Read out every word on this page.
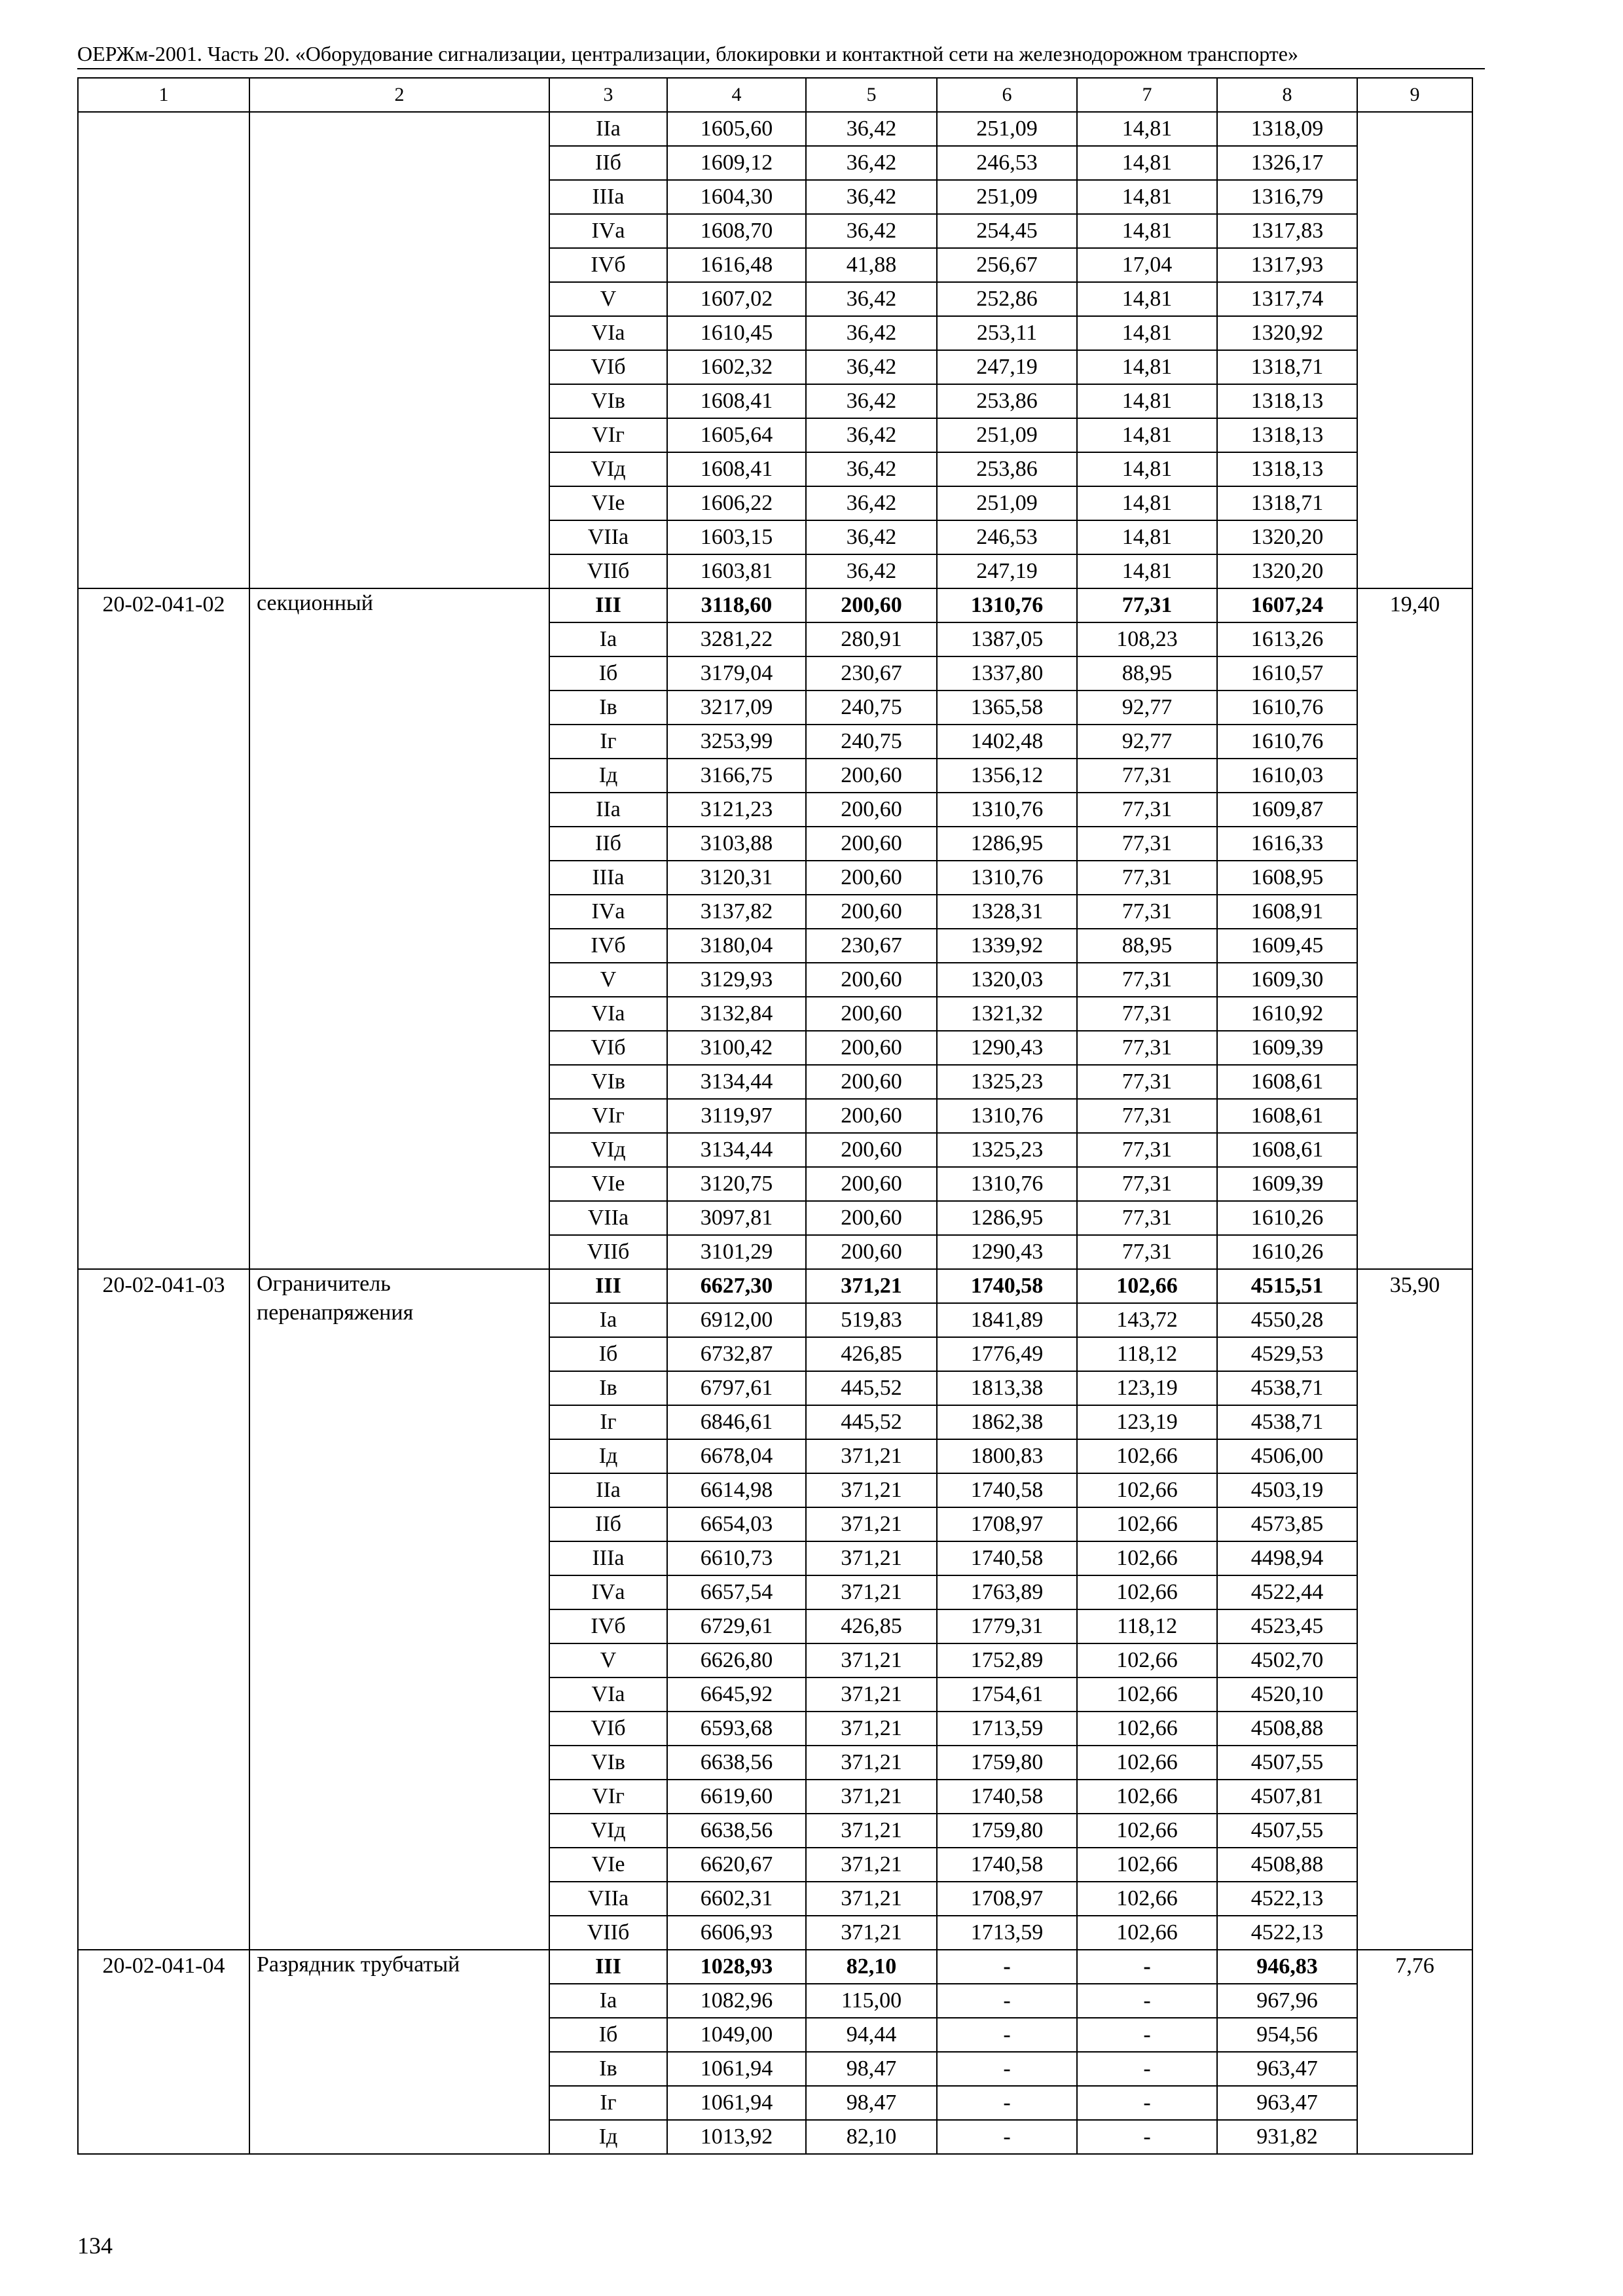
ОЕРЖм-2001. Часть 20. «Оборудование сигнализации, централизации, блокировки и контактной сети на железнодорожном транспорте»
1	2	3	4	5	6	7	8	9
		IIа	1605,60	36,42	251,09	14,81	1318,09	
		IIб	1609,12	36,42	246,53	14,81	1326,17	
		IIIа	1604,30	36,42	251,09	14,81	1316,79	
		IVа	1608,70	36,42	254,45	14,81	1317,83	
		IVб	1616,48	41,88	256,67	17,04	1317,93	
		V	1607,02	36,42	252,86	14,81	1317,74	
		VIа	1610,45	36,42	253,11	14,81	1320,92	
		VIб	1602,32	36,42	247,19	14,81	1318,71	
		VIв	1608,41	36,42	253,86	14,81	1318,13	
		VIг	1605,64	36,42	251,09	14,81	1318,13	
		VIд	1608,41	36,42	253,86	14,81	1318,13	
		VIе	1606,22	36,42	251,09	14,81	1318,71	
		VIIа	1603,15	36,42	246,53	14,81	1320,20	
		VIIб	1603,81	36,42	247,19	14,81	1320,20	
20-02-041-02	секционный	III	3118,60	200,60	1310,76	77,31	1607,24	19,40
		Iа	3281,22	280,91	1387,05	108,23	1613,26	
		Iб	3179,04	230,67	1337,80	88,95	1610,57	
		Iв	3217,09	240,75	1365,58	92,77	1610,76	
		Iг	3253,99	240,75	1402,48	92,77	1610,76	
		Iд	3166,75	200,60	1356,12	77,31	1610,03	
		IIа	3121,23	200,60	1310,76	77,31	1609,87	
		IIб	3103,88	200,60	1286,95	77,31	1616,33	
		IIIа	3120,31	200,60	1310,76	77,31	1608,95	
		IVа	3137,82	200,60	1328,31	77,31	1608,91	
		IVб	3180,04	230,67	1339,92	88,95	1609,45	
		V	3129,93	200,60	1320,03	77,31	1609,30	
		VIа	3132,84	200,60	1321,32	77,31	1610,92	
		VIб	3100,42	200,60	1290,43	77,31	1609,39	
		VIв	3134,44	200,60	1325,23	77,31	1608,61	
		VIг	3119,97	200,60	1310,76	77,31	1608,61	
		VIд	3134,44	200,60	1325,23	77,31	1608,61	
		VIе	3120,75	200,60	1310,76	77,31	1609,39	
		VIIа	3097,81	200,60	1286,95	77,31	1610,26	
		VIIб	3101,29	200,60	1290,43	77,31	1610,26	
20-02-041-03	Ограничитель перенапряжения	III	6627,30	371,21	1740,58	102,66	4515,51	35,90
		Iа	6912,00	519,83	1841,89	143,72	4550,28	
		Iб	6732,87	426,85	1776,49	118,12	4529,53	
		Iв	6797,61	445,52	1813,38	123,19	4538,71	
		Iг	6846,61	445,52	1862,38	123,19	4538,71	
		Iд	6678,04	371,21	1800,83	102,66	4506,00	
		IIа	6614,98	371,21	1740,58	102,66	4503,19	
		IIб	6654,03	371,21	1708,97	102,66	4573,85	
		IIIа	6610,73	371,21	1740,58	102,66	4498,94	
		IVа	6657,54	371,21	1763,89	102,66	4522,44	
		IVб	6729,61	426,85	1779,31	118,12	4523,45	
		V	6626,80	371,21	1752,89	102,66	4502,70	
		VIа	6645,92	371,21	1754,61	102,66	4520,10	
		VIб	6593,68	371,21	1713,59	102,66	4508,88	
		VIв	6638,56	371,21	1759,80	102,66	4507,55	
		VIг	6619,60	371,21	1740,58	102,66	4507,81	
		VIд	6638,56	371,21	1759,80	102,66	4507,55	
		VIе	6620,67	371,21	1740,58	102,66	4508,88	
		VIIа	6602,31	371,21	1708,97	102,66	4522,13	
		VIIб	6606,93	371,21	1713,59	102,66	4522,13	
20-02-041-04	Разрядник трубчатый	III	1028,93	82,10	-	-	946,83	7,76
		Iа	1082,96	115,00	-	-	967,96	
		Iб	1049,00	94,44	-	-	954,56	
		Iв	1061,94	98,47	-	-	963,47	
		Iг	1061,94	98,47	-	-	963,47	
		Iд	1013,92	82,10	-	-	931,82	
134
